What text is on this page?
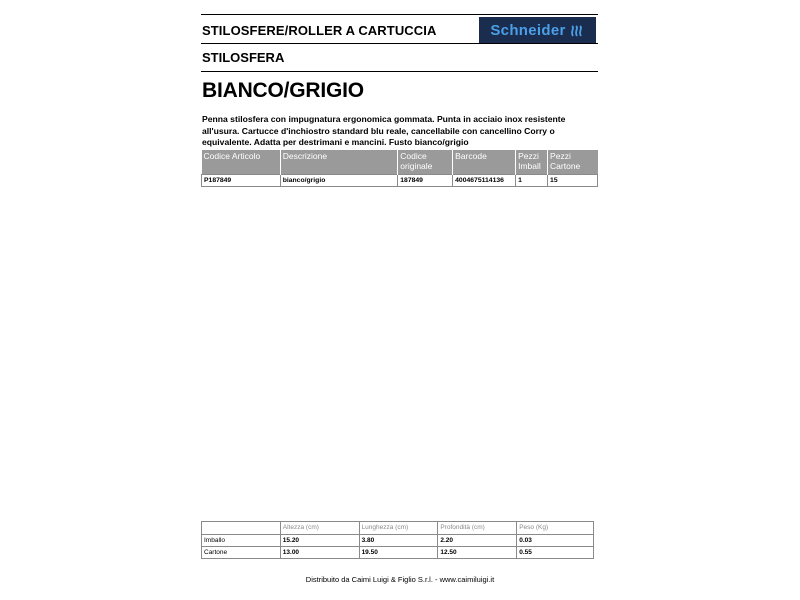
STILOSFERE/ROLLER A CARTUCCIA	Schneider
STILOSFERA
BIANCO/GRIGIO
Penna stilosfera con impugnatura ergonomica gommata. Punta in acciaio inox resistente all'usura. Cartucce d'inchiostro standard blu reale, cancellabile con cancellino Corry o equivalente. Adatta per destrimani e mancini. Fusto bianco/grigio
Codice Articolo	Descrizione	Codice originale	Barcode	Pezzi Imball	Pezzi Cartone
P187849	bianco/grigio	187849	4004675114136	1	15
	Altezza (cm)	Lunghezza (cm)	Profondità (cm)	Peso (Kg)
Imballo	15.20	3.80	2.20	0.03
Cartone	13.00	19.50	12.50	0.55
Distribuito da Caimi Luigi & Figlio S.r.l. - www.caimiluigi.it
